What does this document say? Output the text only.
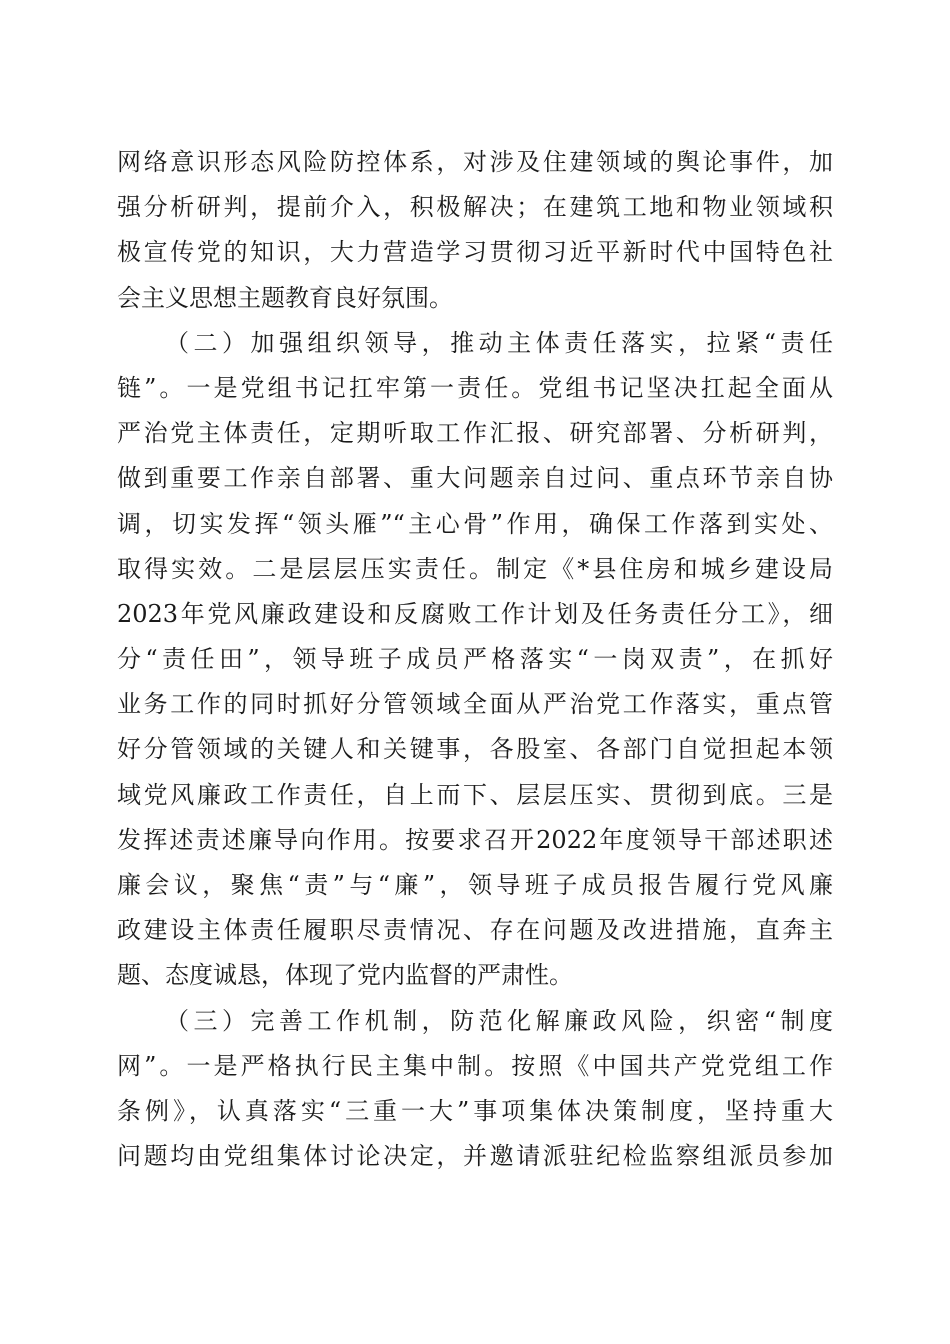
网络意识形态风险防控体系，对涉及住建领域的舆论事件，加
强分析研判，提前介入，积极解决；在建筑工地和物业领域积
极宣传党的知识，大力营造学习贯彻习近平新时代中国特色社
会主义思想主题教育良好氛围。
（二）加强组织领导，推动主体责任落实，拉紧“责任
链”。一是党组书记扛牢第一责任。党组书记坚决扛起全面从
严治党主体责任，定期听取工作汇报、研究部署、分析研判，
做到重要工作亲自部署、重大问题亲自过问、重点环节亲自协
调，切实发挥“领头雁”“主心骨”作用，确保工作落到实处、
取得实效。二是层层压实责任。制定《*县住房和城乡建设局
2023年党风廉政建设和反腐败工作计划及任务责任分工》，细
分“责任田”，领导班子成员严格落实“一岗双责”，在抓好
业务工作的同时抓好分管领域全面从严治党工作落实，重点管
好分管领域的关键人和关键事，各股室、各部门自觉担起本领
域党风廉政工作责任，自上而下、层层压实、贯彻到底。三是
发挥述责述廉导向作用。按要求召开2022年度领导干部述职述
廉会议，聚焦“责”与“廉”，领导班子成员报告履行党风廉
政建设主体责任履职尽责情况、存在问题及改进措施，直奔主
题、态度诚恳，体现了党内监督的严肃性。
（三）完善工作机制，防范化解廉政风险，织密“制度
网”。一是严格执行民主集中制。按照《中国共产党党组工作
条例》，认真落实“三重一大”事项集体决策制度，坚持重大
问题均由党组集体讨论决定，并邀请派驻纪检监察组派员参加
